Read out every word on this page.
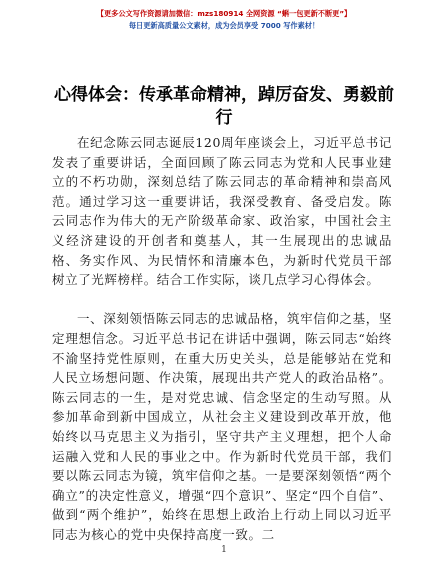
【更多公文写作资源请加微信：mzs180914 全网资源 “蝌一包更新不断更”】
每日更新高质量公文素材，成为会员享受 7000 写作素材！
心得体会：传承革命精神，踔厉奋发、勇毅前行

在纪念陈云同志诞辰120周年座谈会上，习近平总书记发表了重要讲话，全面回顾了陈云同志为党和人民事业建立的不朽功勋，深刻总结了陈云同志的革命精神和崇高风范。通过学习这一重要讲话，我深受教育、备受启发。陈云同志作为伟大的无产阶级革命家、政治家，中国社会主义经济建设的开创者和奠基人，其一生展现出的忠诚品格、务实作风、为民情怀和清廉本色，为新时代党员干部树立了光辉榜样。结合工作实际，谈几点学习心得体会。

一、深刻领悟陈云同志的忠诚品格，筑牢信仰之基，坚定理想信念。习近平总书记在讲话中强调，陈云同志“始终不渝坚持党性原则，在重大历史关头，总是能够站在党和人民立场想问题、作决策，展现出共产党人的政治品格”。陈云同志的一生，是对党忠诚、信念坚定的生动写照。从参加革命到新中国成立，从社会主义建设到改革开放，他始终以马克思主义为指引，坚守共产主义理想，把个人命运融入党和人民的事业之中。作为新时代党员干部，我们要以陈云同志为镜，筑牢信仰之基。一是要深刻领悟“两个确立”的决定性意义，增强“四个意识”、坚定“四个自信”、做到“两个维护”，始终在思想上政治上行动上同以习近平同志为核心的党中央保持高度一致。二

1
